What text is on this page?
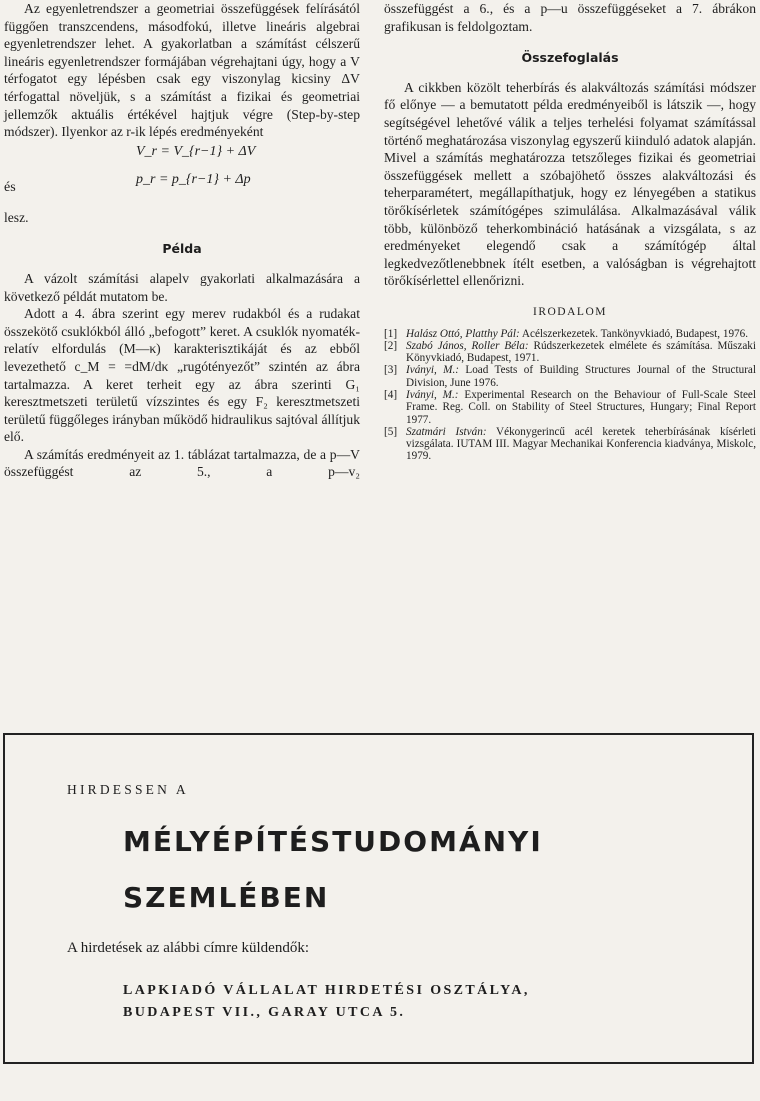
Az egyenletrendszer a geometriai összefüggések felírásától függően transzcendens, másodfokú, illetve lineáris algebrai egyenletrendszer lehet. A gyakorlatban a számítást célszerű lineáris egyenletrendszer formájában végrehajtani úgy, hogy a V térfogatot egy lépésben csak egy viszonylag kicsiny ΔV térfogattal növeljük, s a számítást a fizikai és geometriai jellemzők aktuális értékével hajtjuk végre (Step-by-step módszer). Ilyenkor az r-ik lépés eredményeként

V_r = V_{r−1} + ΔV
és
p_r = p_{r−1} + Δp

lesz.

Példa

A vázolt számítási alapelv gyakorlati alkalmazására a következő példát mutatom be.

Adott a 4. ábra szerint egy merev rudakból és a rudakat összekötő csuklókból álló „befogott” keret. A csuklók nyomaték-relatív elfordulás (M—κ) karakterisztikáját és az ebből levezethető c_M = =dM/dκ „rugótényezőt” szintén az ábra tartalmazza. A keret terheit egy az ábra szerinti G₁ keresztmetszeti területű vízszintes és egy F₂ keresztmetszeti területű függőleges irányban működő hidraulikus sajtóval állítjuk elő.

A számítás eredményeit az 1. táblázat tartalmazza, de a p—V összefüggést az 5., a p—v₂

összefüggést a 6., és a p—u összefüggéseket a 7. ábrákon grafikusan is feldolgoztam.

Összefoglalás

A cikkben közölt teherbírás és alakváltozás számítási módszer fő előnye — a bemutatott példa eredményeiből is látszik —, hogy segítségével lehetővé válik a teljes terhelési folyamat számítással történő meghatározása viszonylag egyszerű kiinduló adatok alapján. Mivel a számítás meghatározza tetszőleges fizikai és geometriai összefüggések mellett a szóbajöhető összes alakváltozási és teherparamétert, megállapíthatjuk, hogy ez lényegében a statikus törőkísérletek számítógépes szimulálása. Alkalmazásával válik több, különböző teherkombináció hatásának a vizsgálata, s az eredményeket elegendő csak a számítógép által legkedvezőtlenebbnek ítélt esetben, a valóságban is végrehajtott törőkísérlettel ellenőrizni.

IRODALOM
[1] Halász Ottó, Platthy Pál: Acélszerkezetek. Tankönyvkiadó, Budapest, 1976.
[2] Szabó János, Roller Béla: Rúdszerkezetek elmélete és számítása. Műszaki Könyvkiadó, Budapest, 1971.
[3] Iványi, M.: Load Tests of Building Structures Journal of the Structural Division, June 1976.
[4] Iványi, M.: Experimental Research on the Behaviour of Full-Scale Steel Frame. Reg. Coll. on Stability of Steel Structures, Hungary; Final Report 1977.
[5] Szatmári István: Vékonygerincű acél keretek teherbírásának kísérleti vizsgálata. IUTAM III. Magyar Mechanikai Konferencia kiadványa, Miskolc, 1979.
HIRDESSEN A
MÉLYÉPÍTÉSTUDOMÁNYI
SZEMLÉBEN
A hirdetések az alábbi címre küldendők:
LAPKIADÓ VÁLLALAT HIRDETÉSI OSZTÁLYA,
BUDAPEST VII., GARAY UTCA 5.
